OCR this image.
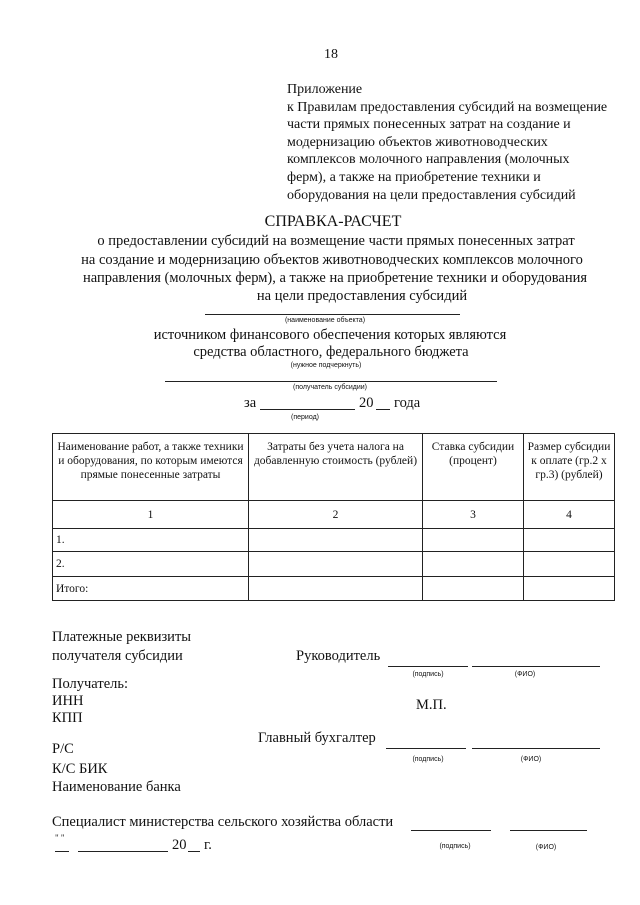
18
Приложение
к Правилам предоставления субсидий на возмещение
части прямых понесенных затрат на создание и
модернизацию объектов животноводческих
комплексов молочного направления (молочных
ферм), а также на приобретение техники и
оборудования на цели предоставления субсидий
СПРАВКА-РАСЧЕТ
о предоставлении субсидий на возмещение части прямых понесенных затрат
на создание и модернизацию объектов животноводческих комплексов молочного
направления (молочных ферм), а также на приобретение техники и оборудования
на цели предоставления субсидий
(наименование объекта)
источником финансового обеспечения которых являются
средства областного, федерального бюджета
(нужное подчеркнуть)
(получатель субсидии)
за	20 года
(период)
Наименование работ, а также техники и оборудования, по которым имеются прямые понесенные затраты	Затраты без учета налога на добавленную стоимость (рублей)	Ставка субсидии (процент)	Размер субсидии к оплате (гр.2 х гр.3) (рублей)
1	2	3	4
1.			
2.			
Итого:			
Платежные реквизиты
получателя субсидии
Получатель:
ИНН
КПП
Р/С
К/С БИК
Наименование банка
Руководитель
(подпись)	(ФИО)
М.П.
Главный бухгалтер
(подпись)	(ФИО)
Специалист министерства сельского хозяйства области
" "	20 г.	(подпись)	(ФИО)
